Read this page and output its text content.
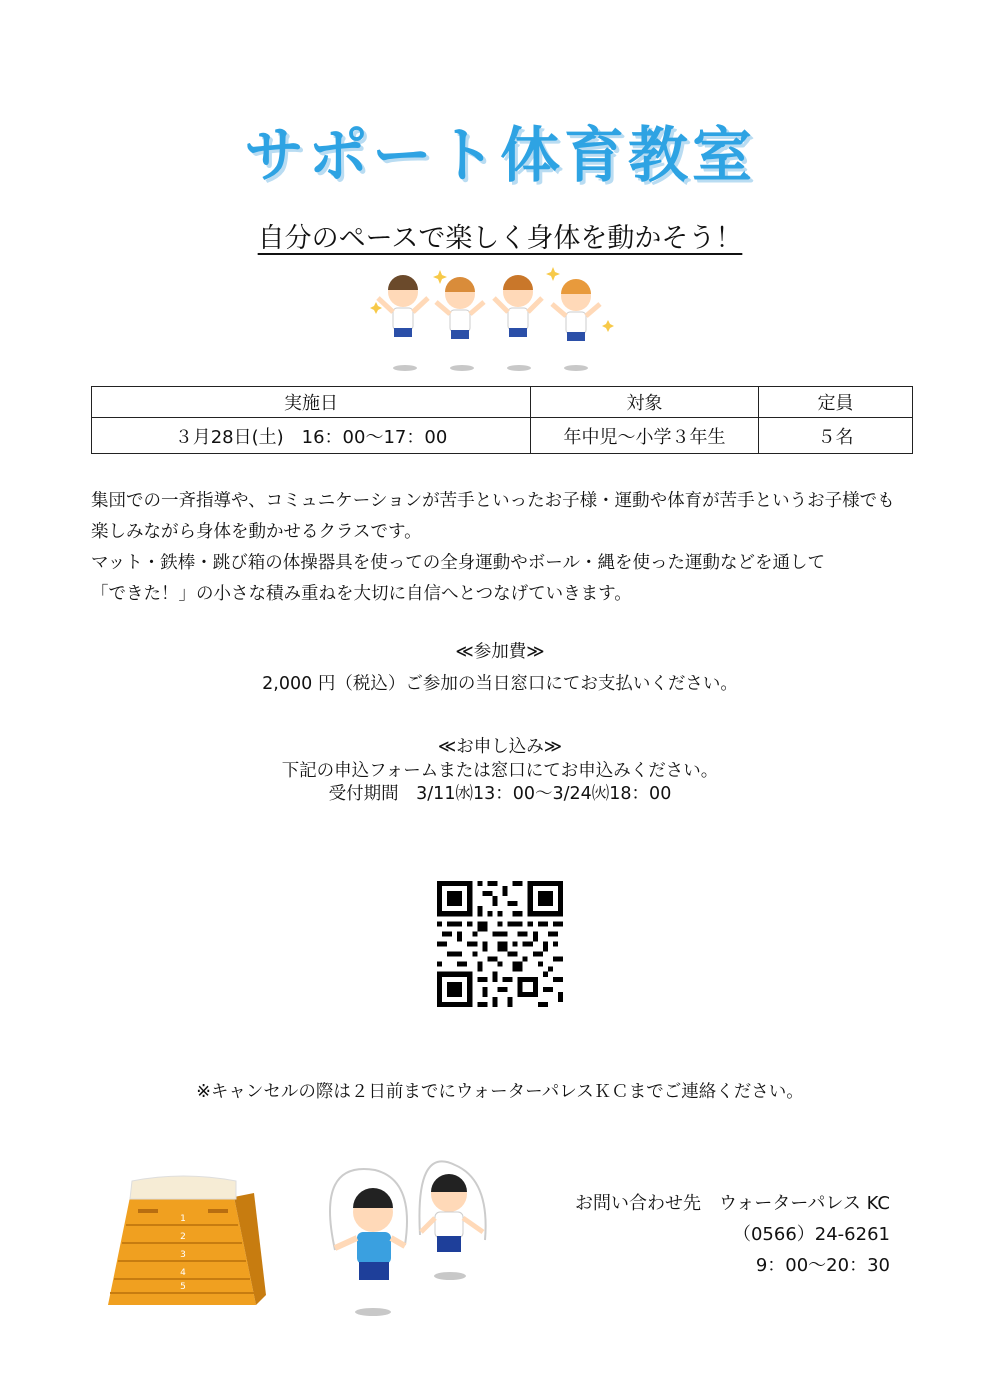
サポート体育教室
自分のペースで楽しく身体を動かそう！
実施日	対象	定員
３月28日(土)　16：00～17：00	年中児～小学３年生	５名
集団での一斉指導や、コミュニケーションが苦手といったお子様・運動や体育が苦手というお子様でも
楽しみながら身体を動かせるクラスです。
マット・鉄棒・跳び箱の体操器具を使っての全身運動やボール・縄を使った運動などを通して
「できた！」の小さな積み重ねを大切に自信へとつなげていきます。
≪参加費≫
2,000 円（税込）ご参加の当日窓口にてお支払いください。
≪お申し込み≫
下記の申込フォームまたは窓口にてお申込みください。
受付期間　3/11㈬13：00～3/24㈫18：00
※キャンセルの際は２日前までにウォーターパレスＫＣまでご連絡ください。
1
2
3
4
5
お問い合わせ先　ウォーターパレス KC
（0566）24-6261
9：00～20：30
